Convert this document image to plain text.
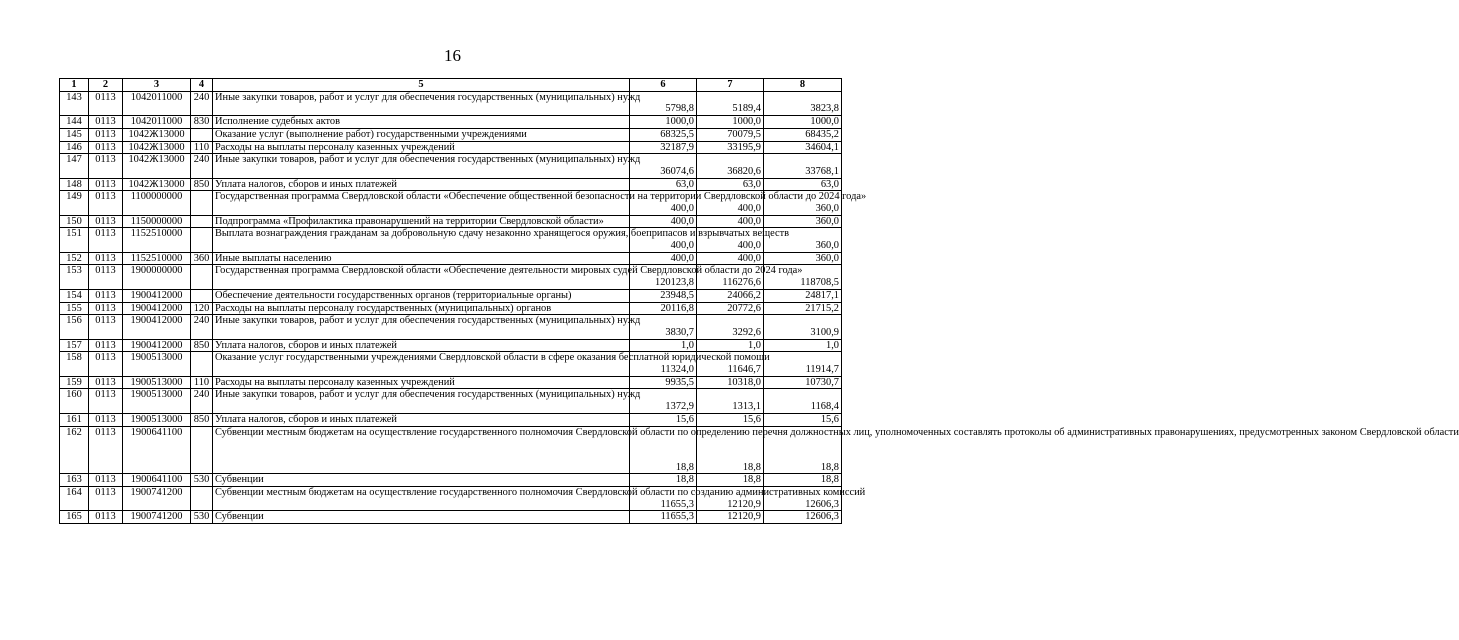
16
1	2	3	4	5	6	7	8
143	0113	1042011000	240	Иные закупки товаров, работ и услуг для обеспечения государственных (муниципальных) нужд	5798,8	5189,4	3823,8
144	0113	1042011000	830	Исполнение судебных актов	1000,0	1000,0	1000,0
145	0113	1042Ж13000		Оказание услуг (выполнение работ) государственными учреждениями	68325,5	70079,5	68435,2
146	0113	1042Ж13000	110	Расходы на выплаты персоналу казенных учреждений	32187,9	33195,9	34604,1
147	0113	1042Ж13000	240	Иные закупки товаров, работ и услуг для обеспечения государственных (муниципальных) нужд	36074,6	36820,6	33768,1
148	0113	1042Ж13000	850	Уплата налогов, сборов и иных платежей	63,0	63,0	63,0
149	0113	1100000000		Государственная программа Свердловской области «Обеспечение общественной безопасности на территории Свердловской области до 2024 года»	400,0	400,0	360,0
150	0113	1150000000		Подпрограмма «Профилактика правонарушений на территории Свердловской области»	400,0	400,0	360,0
151	0113	1152510000		Выплата вознаграждения гражданам за добровольную сдачу незаконно хранящегося оружия, боеприпасов и взрывчатых веществ	400,0	400,0	360,0
152	0113	1152510000	360	Иные выплаты населению	400,0	400,0	360,0
153	0113	1900000000		Государственная программа Свердловской области «Обеспечение деятельности мировых судей Свердловской области до 2024 года»	120123,8	116276,6	118708,5
154	0113	1900412000		Обеспечение деятельности государственных органов (территориальные органы)	23948,5	24066,2	24817,1
155	0113	1900412000	120	Расходы на выплаты персоналу государственных (муниципальных) органов	20116,8	20772,6	21715,2
156	0113	1900412000	240	Иные закупки товаров, работ и услуг для обеспечения государственных (муниципальных) нужд	3830,7	3292,6	3100,9
157	0113	1900412000	850	Уплата налогов, сборов и иных платежей	1,0	1,0	1,0
158	0113	1900513000		Оказание услуг государственными учреждениями Свердловской области в сфере оказания бесплатной юридической помощи	11324,0	11646,7	11914,7
159	0113	1900513000	110	Расходы на выплаты персоналу казенных учреждений	9935,5	10318,0	10730,7
160	0113	1900513000	240	Иные закупки товаров, работ и услуг для обеспечения государственных (муниципальных) нужд	1372,9	1313,1	1168,4
161	0113	1900513000	850	Уплата налогов, сборов и иных платежей	15,6	15,6	15,6
162	0113	1900641100		Субвенции местным бюджетам на осуществление государственного полномочия Свердловской области по определению перечня должностных лиц, уполномоченных составлять протоколы об административных правонарушениях, предусмотренных законом Свердловской области	18,8	18,8	18,8
163	0113	1900641100	530	Субвенции	18,8	18,8	18,8
164	0113	1900741200		Субвенции местным бюджетам на осуществление государственного полномочия Свердловской области по созданию административных комиссий	11655,3	12120,9	12606,3
165	0113	1900741200	530	Субвенции	11655,3	12120,9	12606,3
